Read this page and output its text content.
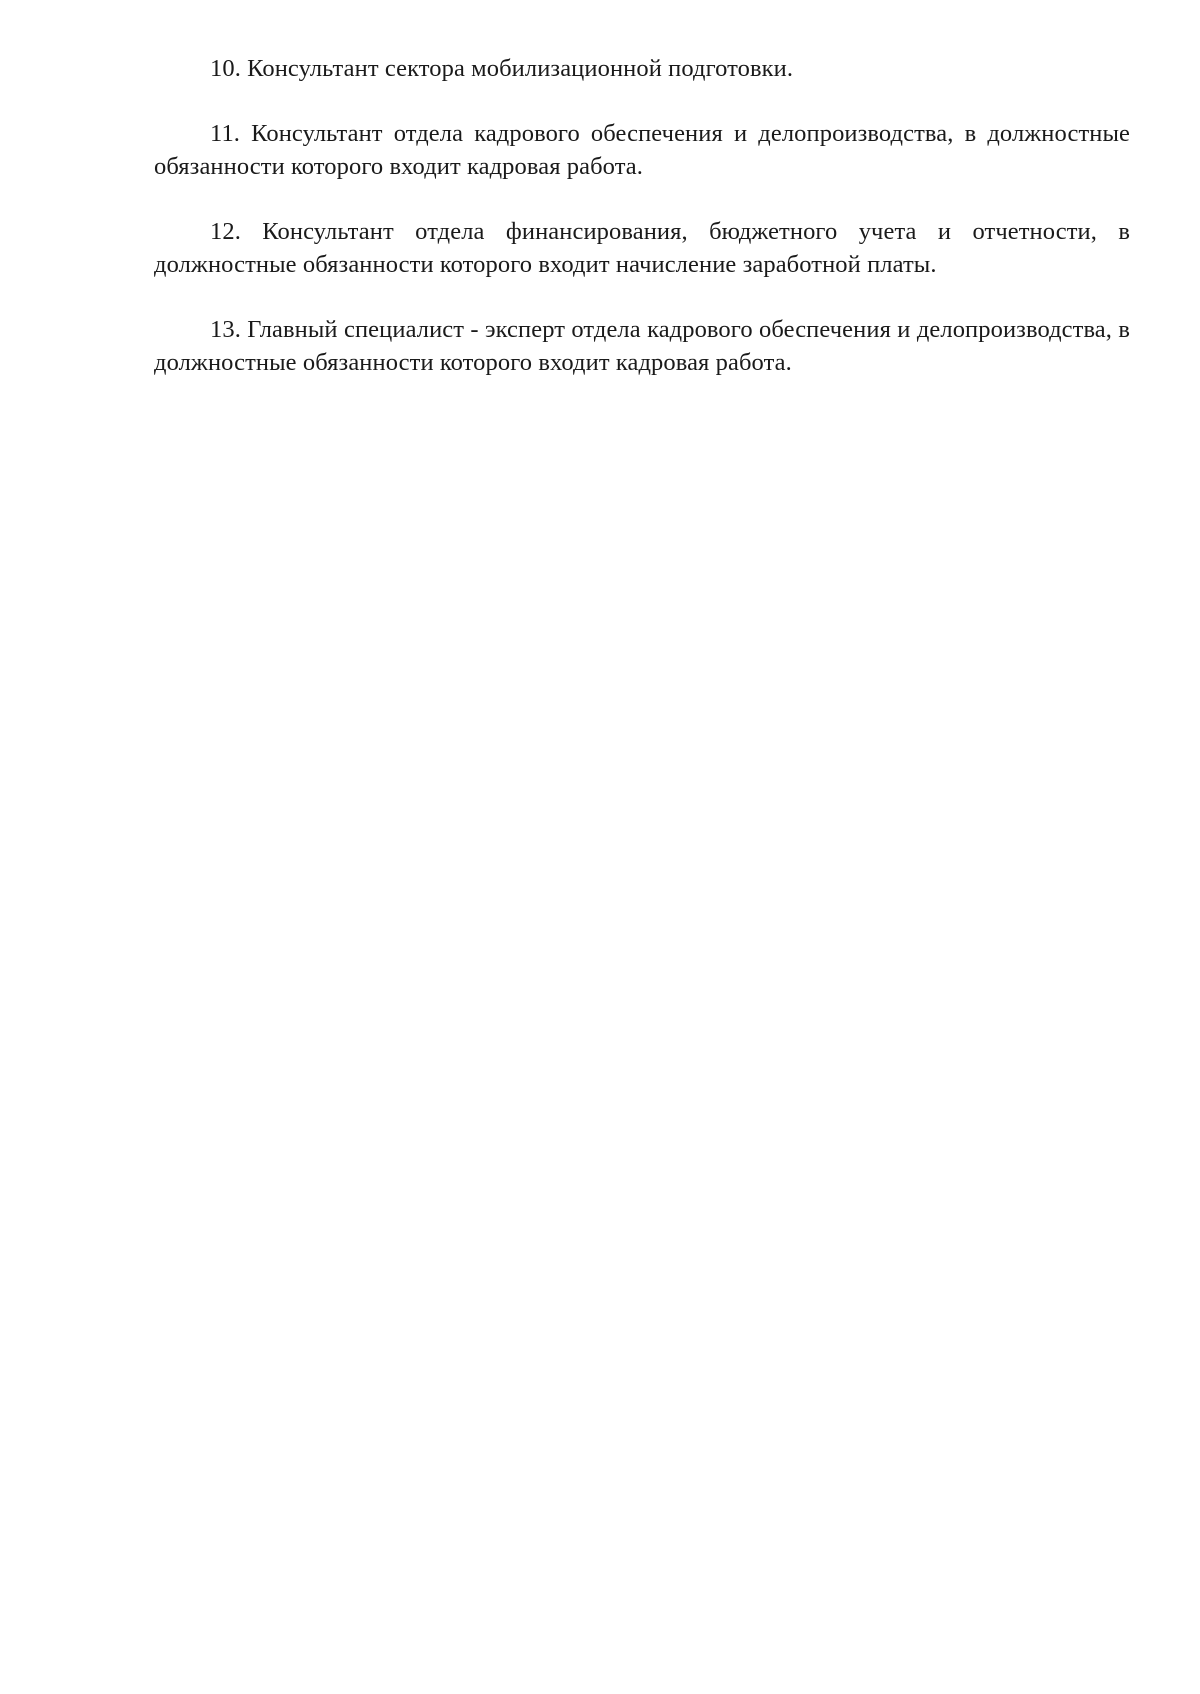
10. Консультант сектора мобилизационной подготовки.

11. Консультант отдела кадрового обеспечения и делопроизводства, в должностные обязанности которого входит кадровая работа.

12. Консультант отдела финансирования, бюджетного учета и отчетности, в должностные обязанности которого входит начисление заработной платы.

13. Главный специалист - эксперт отдела кадрового обеспечения и делопроизводства, в должностные обязанности которого входит кадровая работа.
